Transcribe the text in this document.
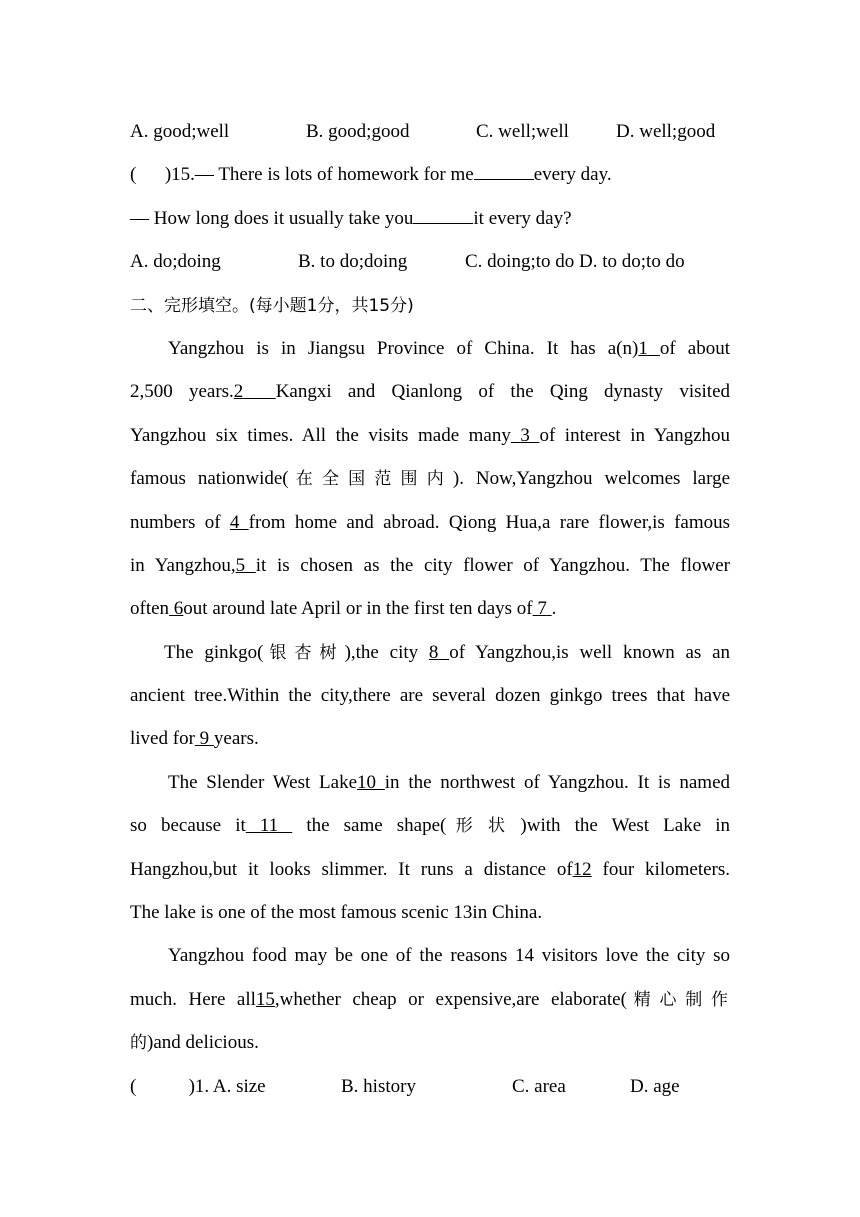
A. good;well	B. good;good	C. well;well	D. well;good
(      )15.— There is lots of homework for me	every day.
— How long does it usually take you	it every day?
A. do;doing	B. to do;doing	C. doing;to do D. to do;to do
二、完形填空。(每小题1分，共15分)
Yangzhou is in Jiangsu Province of China. It has a(n)1 of about
2,500 years.2 Kangxi and Qianlong of the Qing dynasty visited
Yangzhou six times. All the visits made many 3 of interest in Yangzhou
famous nationwide(在全国范围内). Now,Yangzhou welcomes large
numbers of 4 from home and abroad. Qiong Hua,a rare flower,is famous
in Yangzhou,5 it is chosen as the city flower of Yangzhou. The flower
often 6out around late April or in the first ten days of 7 .
The ginkgo(银杏树),the city 8 of Yangzhou,is well known as an
ancient tree.Within the city,there are several dozen ginkgo trees that have
lived for 9 years.
The Slender West Lake10 in the northwest of Yangzhou. It is named
so because it 11 the same shape(形状)with the West Lake in
Hangzhou,but it looks slimmer. It runs a distance of12 four kilometers.
The lake is one of the most famous scenic 13in China.
Yangzhou food may be one of the reasons 14 visitors love the city so
much. Here all15,whether cheap or expensive,are elaborate(精心制作
的)and delicious.
(           )1. A. size	B. history	C. area	D. age
